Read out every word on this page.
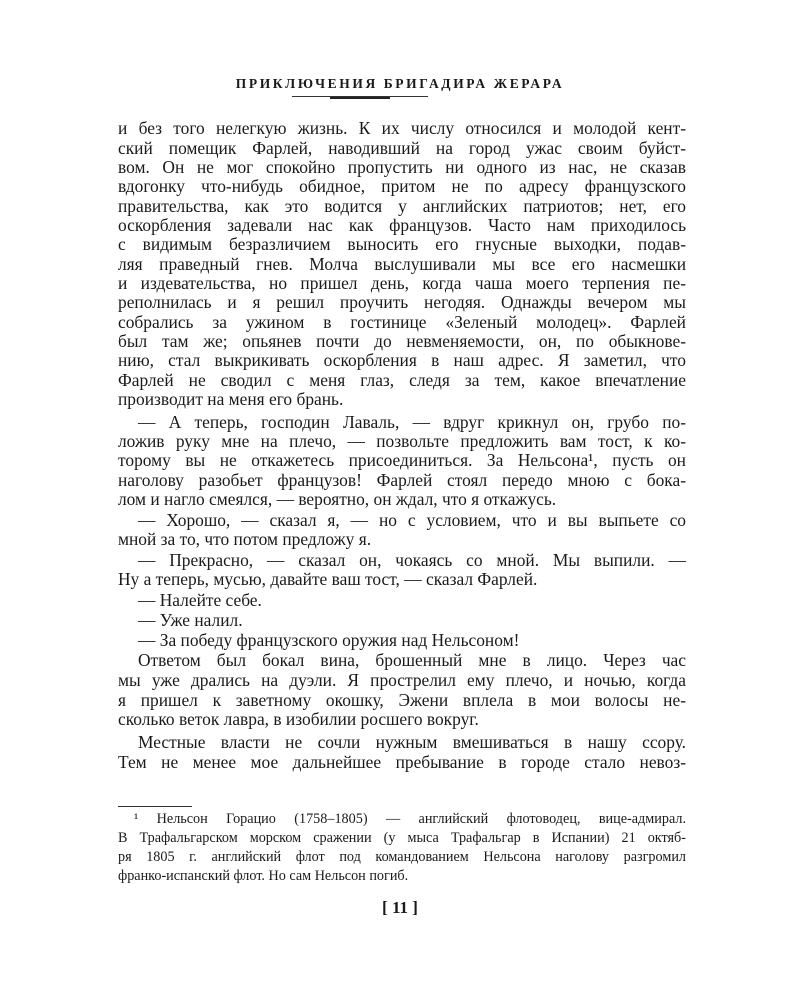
ПРИКЛЮЧЕНИЯ БРИГАДИРА ЖЕРАРА
и без того нелегкую жизнь. К их числу относился и молодой кент-
ский помещик Фарлей, наводивший на город ужас своим буйст-
вом. Он не мог спокойно пропустить ни одного из нас, не сказав
вдогонку что-нибудь обидное, притом не по адресу французского
правительства, как это водится у английских патриотов; нет, его
оскорбления задевали нас как французов. Часто нам приходилось
с видимым безразличием выносить его гнусные выходки, подав-
ляя праведный гнев. Молча выслушивали мы все его насмешки
и издевательства, но пришел день, когда чаша моего терпения пе-
реполнилась и я решил проучить негодяя. Однажды вечером мы
собрались за ужином в гостинице «Зеленый молодец». Фарлей
был там же; опьянев почти до невменяемости, он, по обыкнове-
нию, стал выкрикивать оскорбления в наш адрес. Я заметил, что
Фарлей не сводил с меня глаз, следя за тем, какое впечатление
производит на меня его брань.
— А теперь, господин Лаваль, — вдруг крикнул он, грубо по-
ложив руку мне на плечо, — позвольте предложить вам тост, к ко-
торому вы не откажетесь присоединиться. За Нельсона¹, пусть он
наголову разобьет французов! Фарлей стоял передо мною с бока-
лом и нагло смеялся, — вероятно, он ждал, что я откажусь.
— Хорошо, — сказал я, — но с условием, что и вы выпьете со
мной за то, что потом предложу я.
— Прекрасно, — сказал он, чокаясь со мной. Мы выпили. —
Ну а теперь, мусью, давайте ваш тост, — сказал Фарлей.
— Налейте себе.
— Уже налил.
— За победу французского оружия над Нельсоном!
Ответом был бокал вина, брошенный мне в лицо. Через час
мы уже дрались на дуэли. Я прострелил ему плечо, и ночью, когда
я пришел к заветному окошку, Эжени вплела в мои волосы не-
сколько веток лавра, в изобилии росшего вокруг.
Местные власти не сочли нужным вмешиваться в нашу ссору.
Тем не менее мое дальнейшее пребывание в городе стало невоз-
¹ Нельсон Горацио (1758–1805) — английский флотоводец, вице-адмирал.
В Трафальгарском морском сражении (у мыса Трафальгар в Испании) 21 октяб-
ря 1805 г. английский флот под командованием Нельсона наголову разгромил
франко-испанский флот. Но сам Нельсон погиб.
[ 11 ]
